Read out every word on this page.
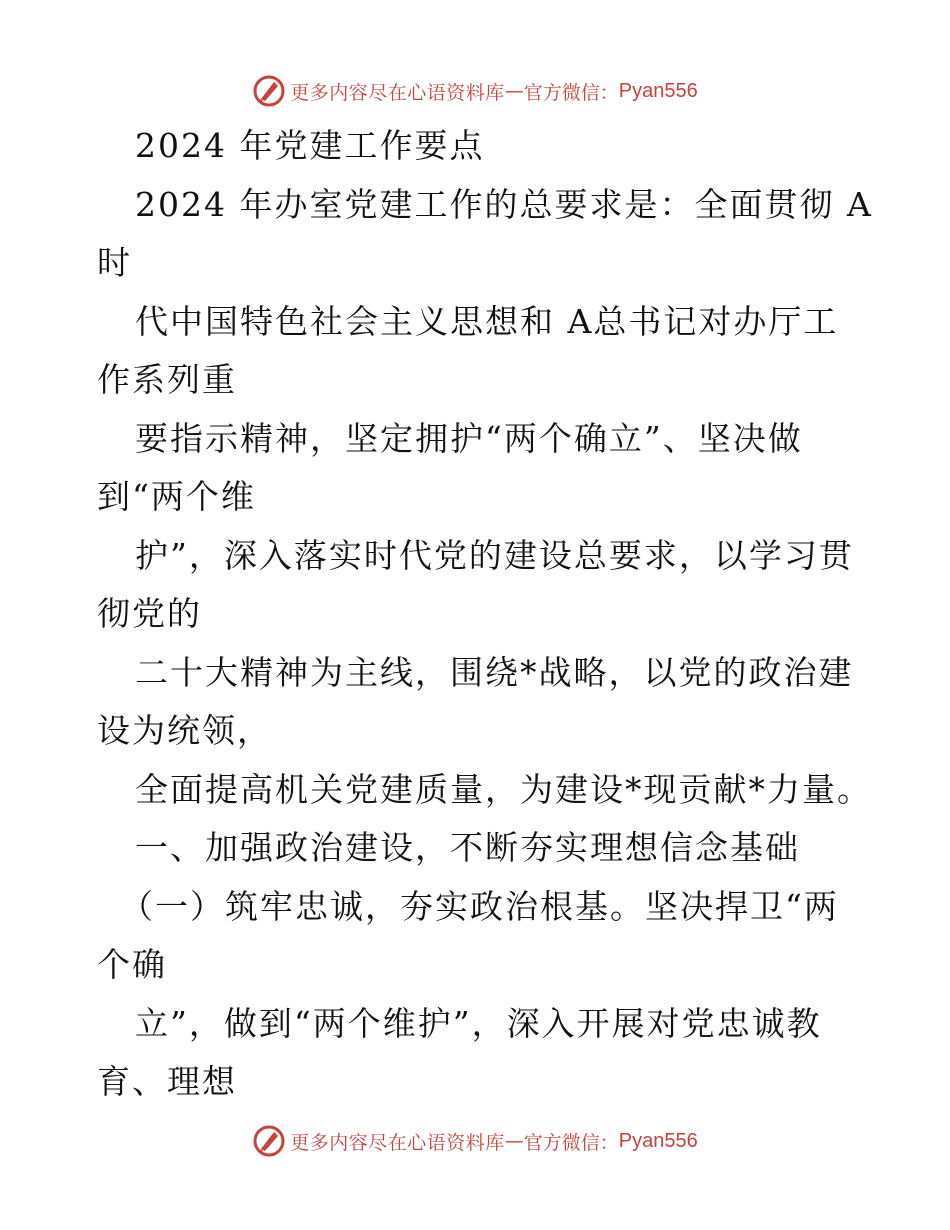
更多内容尽在心语资料库 — 官方微信： Pyan556

2024 年党建工作要点

2024 年办室党建工作的总要求是：全面贯彻 A

时

代中国特色社会主义思想和 A总书记对办厅工

作系列重

要指示精神，坚定拥护“两个确立”、坚决做

到“两个维

护”，深入落实时代党的建设总要求，以学习贯

彻党的

二十大精神为主线，围绕*战略，以党的政治建

设为统领，

全面提高机关党建质量，为建设*现贡献*力量。

一、加强政治建设，不断夯实理想信念基础

（一）筑牢忠诚，夯实政治根基。坚决捍卫“两

个确

立”，做到“两个维护”，深入开展对党忠诚教

育、理想

更多内容尽在心语资料库 — 官方微信： Pyan556
